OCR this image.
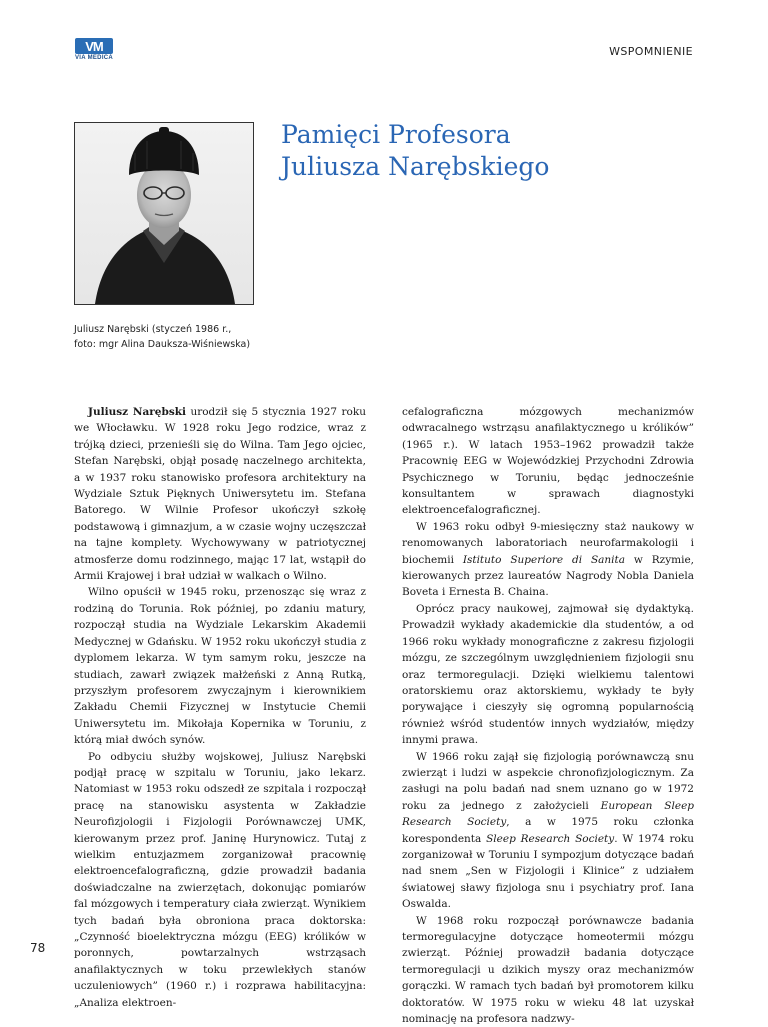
VM
VIA MEDICA	WSPOMNIENIE
Pamięci Profesora
Juliusza Narębskiego
Juliusz Narębski (styczeń 1986 r.,
foto: mgr Alina Dauksza-Wiśniewska)

Juliusz Narębski urodził się 5 stycznia 1927 roku we Włocławku. W 1928 roku Jego rodzice, wraz z trójką dzieci, przenieśli się do Wilna. Tam Jego ojciec, Stefan Narębski, objął posadę naczelnego architekta, a w 1937 roku stanowisko profesora architektury na Wydziale Sztuk Pięknych Uniwersytetu im. Stefana Batorego. W Wilnie Profesor ukończył szkołę podstawową i gimnazjum, a w czasie wojny uczęszczał na tajne komplety. Wychowywany w patriotycznej atmosferze domu rodzinnego, mając 17 lat, wstąpił do Armii Krajowej i brał udział w walkach o Wilno.

Wilno opuścił w 1945 roku, przenosząc się wraz z rodziną do Torunia. Rok później, po zdaniu matury, rozpoczął studia na Wydziale Lekarskim Akademii Medycznej w Gdańsku. W 1952 roku ukończył studia z dyplomem lekarza. W tym samym roku, jeszcze na studiach, zawarł związek małżeński z Anną Rutką, przyszłym profesorem zwyczajnym i kierownikiem Zakładu Chemii Fizycznej w Instytucie Chemii Uniwersytetu im. Mikołaja Kopernika w Toruniu, z którą miał dwóch synów.

Po odbyciu służby wojskowej, Juliusz Narębski podjął pracę w szpitalu w Toruniu, jako lekarz. Natomiast w 1953 roku odszedł ze szpitala i rozpoczął pracę na stanowisku asystenta w Zakładzie Neurofizjologii i Fizjologii Porównawczej UMK, kierowanym przez prof. Janinę Hurynowicz. Tutaj z wielkim entuzjazmem zorganizował pracownię elektroencefalograficzną, gdzie prowadził badania doświadczalne na zwierzętach, dokonując pomiarów fal mózgowych i temperatury ciała zwierząt. Wynikiem tych badań była obroniona praca doktorska: „Czynność bioelektryczna mózgu (EEG) królików w poronnych, powtarzalnych wstrząsach anafilaktycznych w toku przewlekłych stanów uczuleniowych” (1960 r.) i rozprawa habilitacyjna: „Analiza elektroen-

cefalograficzna mózgowych mechanizmów odwracalnego wstrząsu anafilaktycznego u królików” (1965 r.). W latach 1953–1962 prowadził także Pracownię EEG w Wojewódzkiej Przychodni Zdrowia Psychicznego w Toruniu, będąc jednocześnie konsultantem w sprawach diagnostyki elektroencefalograficznej.

W 1963 roku odbył 9-miesięczny staż naukowy w renomowanych laboratoriach neurofarmakologii i biochemii Istituto Superiore di Sanita w Rzymie, kierowanych przez laureatów Nagrody Nobla Daniela Boveta i Ernesta B. Chaina.

Oprócz pracy naukowej, zajmował się dydaktyką. Prowadził wykłady akademickie dla studentów, a od 1966 roku wykłady monograficzne z zakresu fizjologii mózgu, ze szczególnym uwzględnieniem fizjologii snu oraz termoregulacji. Dzięki wielkiemu talentowi oratorskiemu oraz aktorskiemu, wykłady te były porywające i cieszyły się ogromną popularnością również wśród studentów innych wydziałów, między innymi prawa.

W 1966 roku zajął się fizjologią porównawczą snu zwierząt i ludzi w aspekcie chronofizjologicznym. Za zasługi na polu badań nad snem uznano go w 1972 roku za jednego z założycieli European Sleep Research Society, a w 1975 roku członka korespondenta Sleep Research Society. W 1974 roku zorganizował w Toruniu I sympozjum dotyczące badań nad snem „Sen w Fizjologii i Klinice” z udziałem światowej sławy fizjologa snu i psychiatry prof. Iana Oswalda.

W 1968 roku rozpoczął porównawcze badania termoregulacyjne dotyczące homeotermii mózgu zwierząt. Później prowadził badania dotyczące termoregulacji u dzikich myszy oraz mechanizmów gorączki. W ramach tych badań był promotorem kilku doktoratów. W 1975 roku w wieku 48 lat uzyskał nominację na profesora nadzwy-

78
